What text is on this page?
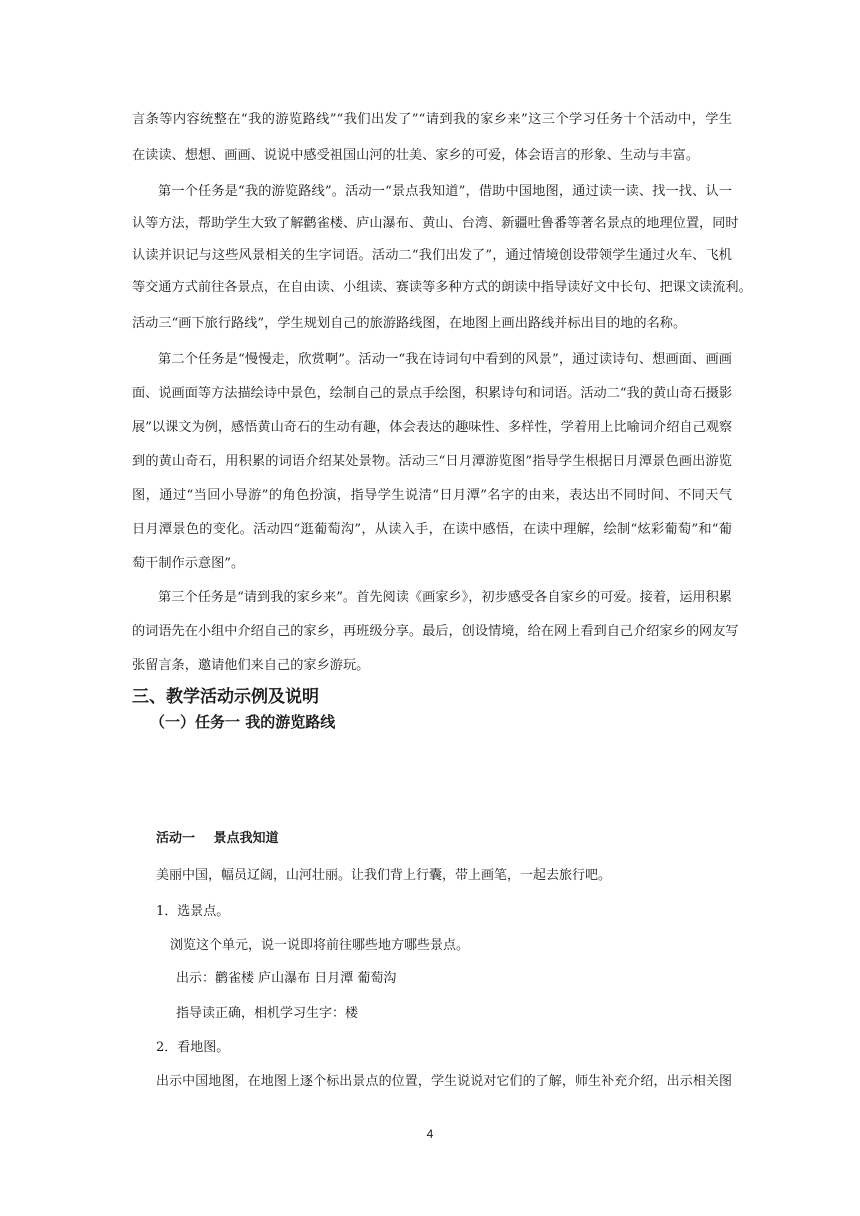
言条等内容统整在“我的游览路线”“我们出发了”“请到我的家乡来”这三个学习任务十个活动中，学生

在读读、想想、画画、说说中感受祖国山河的壮美、家乡的可爱，体会语言的形象、生动与丰富。

第一个任务是“我的游览路线”。活动一“景点我知道”，借助中国地图，通过读一读、找一找、认一

认等方法，帮助学生大致了解鹳雀楼、庐山瀑布、黄山、台湾、新疆吐鲁番等著名景点的地理位置，同时

认读并识记与这些风景相关的生字词语。活动二“我们出发了”，通过情境创设带领学生通过火车、飞机

等交通方式前往各景点，在自由读、小组读、赛读等多种方式的朗读中指导读好文中长句、把课文读流利。

活动三“画下旅行路线”，学生规划自己的旅游路线图，在地图上画出路线并标出目的地的名称。

第二个任务是“慢慢走，欣赏啊”。活动一“我在诗词句中看到的风景”，通过读诗句、想画面、画画

面、说画面等方法描绘诗中景色，绘制自己的景点手绘图，积累诗句和词语。活动二“我的黄山奇石摄影

展”以课文为例，感悟黄山奇石的生动有趣，体会表达的趣味性、多样性，学着用上比喻词介绍自己观察

到的黄山奇石，用积累的词语介绍某处景物。活动三“日月潭游览图”指导学生根据日月潭景色画出游览

图，通过“当回小导游”的角色扮演，指导学生说清“日月潭”名字的由来，表达出不同时间、不同天气

日月潭景色的变化。活动四“逛葡萄沟”，从读入手，在读中感悟，在读中理解，绘制“炫彩葡萄”和“葡

萄干制作示意图”。

第三个任务是“请到我的家乡来”。首先阅读《画家乡》，初步感受各自家乡的可爱。接着，运用积累

的词语先在小组中介绍自己的家乡，再班级分享。最后，创设情境，给在网上看到自己介绍家乡的网友写

张留言条，邀请他们来自己的家乡游玩。

三、教学活动示例及说明
（一）任务一 我的游览路线

活动一 景点我知道

美丽中国，幅员辽阔，山河壮丽。让我们背上行囊，带上画笔，一起去旅行吧。

1．选景点。

浏览这个单元，说一说即将前往哪些地方哪些景点。

出示：鹳雀楼 庐山瀑布 日月潭 葡萄沟

指导读正确，相机学习生字：楼

2．看地图。

出示中国地图，在地图上逐个标出景点的位置，学生说说对它们的了解，师生补充介绍，出示相关图

4
